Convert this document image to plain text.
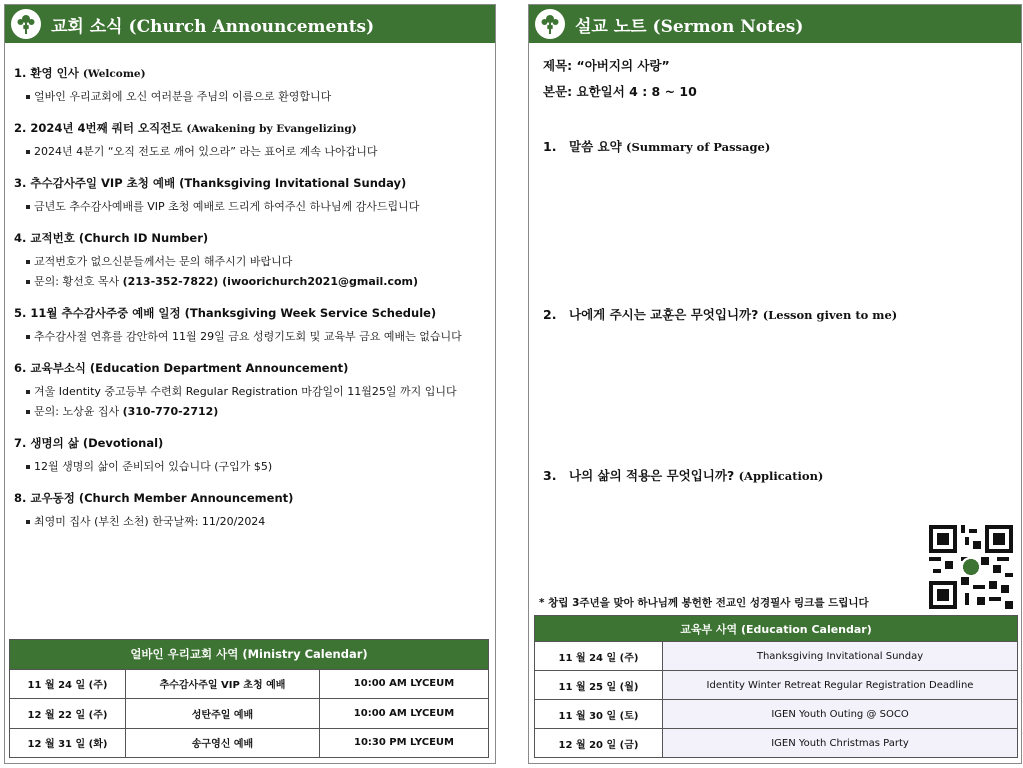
교회 소식 (Church Announcements)
1. 환영 인사 (Welcome)
얼바인 우리교회에 오신 여러분을 주님의 이름으로 환영합니다
2. 2024년 4번째 쿼터 오직전도 (Awakening by Evangelizing)
2024년 4분기 “오직 전도로 깨어 있으라” 라는 표어로 계속 나아갑니다
3. 추수감사주일 VIP 초청 예배 (Thanksgiving Invitational Sunday)
금년도 추수감사예배를 VIP 초청 예배로 드리게 하여주신 하나님께 감사드립니다
4. 교적번호 (Church ID Number)
교적번호가 없으신분들께서는 문의 해주시기 바랍니다
문의: 황선호 목사 (213-352-7822) (iwoorichurch2021@gmail.com)
5. 11월 추수감사주중 예배 일정 (Thanksgiving Week Service Schedule)
추수감사절 연휴를 감안하여 11월 29일 금요 성령기도회 및 교육부 금요 예배는 없습니다
6. 교육부소식 (Education Department Announcement)
겨울 Identity 중고등부 수련회 Regular Registration 마감일이 11월25일 까지 입니다
문의: 노상윤 집사 (310-770-2712)
7. 생명의 삶 (Devotional)
12월 생명의 삶이 준비되어 있습니다 (구입가 $5)
8. 교우동정 (Church Member Announcement)
최영미 집사 (부친 소천) 한국날짜: 11/20/2024
얼바인 우리교회 사역 (Ministry Calendar)		
11 월 24 일 (주)	추수감사주일 VIP 초청 예배	10:00 AM LYCEUM
12 월 22 일 (주)	성탄주일 예배	10:00 AM LYCEUM
12 월 31 일 (화)	송구영신 예배	10:30 PM LYCEUM
설교 노트 (Sermon Notes)
제목: “아버지의 사랑”
본문: 요한일서 4 : 8 ~ 10
1. 말씀 요약 (Summary of Passage)
2. 나에게 주시는 교훈은 무엇입니까? (Lesson given to me)
3. 나의 삶의 적용은 무엇입니까? (Application)
* 창립 3주년을 맞아 하나님께 봉헌한 전교인 성경필사 링크를 드립니다
교육부 사역 (Education Calendar)	
11 월 24 일 (주)	Thanksgiving Invitational Sunday
11 월 25 일 (월)	Identity Winter Retreat Regular Registration Deadline
11 월 30 일 (토)	IGEN Youth Outing @ SOCO
12 월 20 일 (금)	IGEN Youth Christmas Party
